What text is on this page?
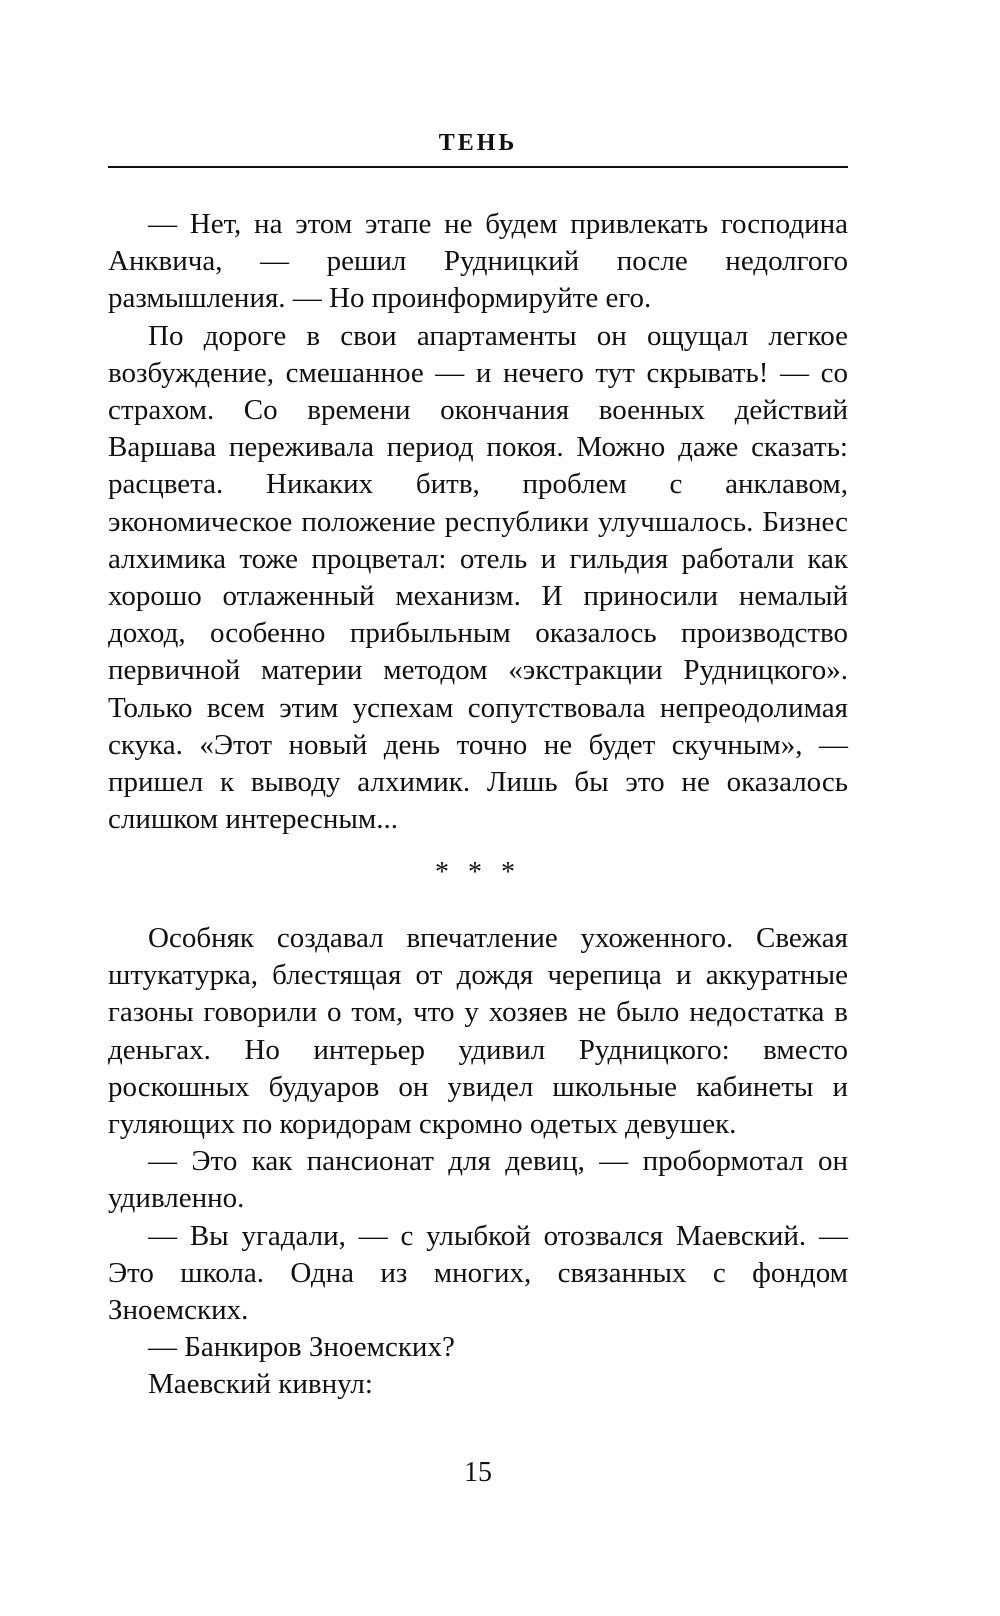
ТЕНЬ

— Нет, на этом этапе не будем привлекать господина Анквича, — решил Рудницкий после недолгого размышления. — Но проинформируйте его.

По дороге в свои апартаменты он ощущал легкое возбуждение, смешанное — и нечего тут скрывать! — со страхом. Со времени окончания военных действий Варшава переживала период покоя. Можно даже сказать: расцвета. Никаких битв, проблем с анклавом, экономическое положение республики улучшалось. Бизнес алхимика тоже процветал: отель и гильдия работали как хорошо отлаженный механизм. И приносили немалый доход, особенно прибыльным оказалось производство первичной материи методом «экстракции Рудницкого». Только всем этим успехам сопутствовала непреодолимая скука. «Этот новый день точно не будет скучным», — пришел к выводу алхимик. Лишь бы это не оказалось слишком интересным...

* * *

Особняк создавал впечатление ухоженного. Свежая штукатурка, блестящая от дождя черепица и аккуратные газоны говорили о том, что у хозяев не было недостатка в деньгах. Но интерьер удивил Рудницкого: вместо роскошных будуаров он увидел школьные кабинеты и гуляющих по коридорам скромно одетых девушек.

— Это как пансионат для девиц, — пробормотал он удивленно.

— Вы угадали, — с улыбкой отозвался Маевский. — Это школа. Одна из многих, связанных с фондом Зноемских.

— Банкиров Зноемских?

Маевский кивнул:

15
